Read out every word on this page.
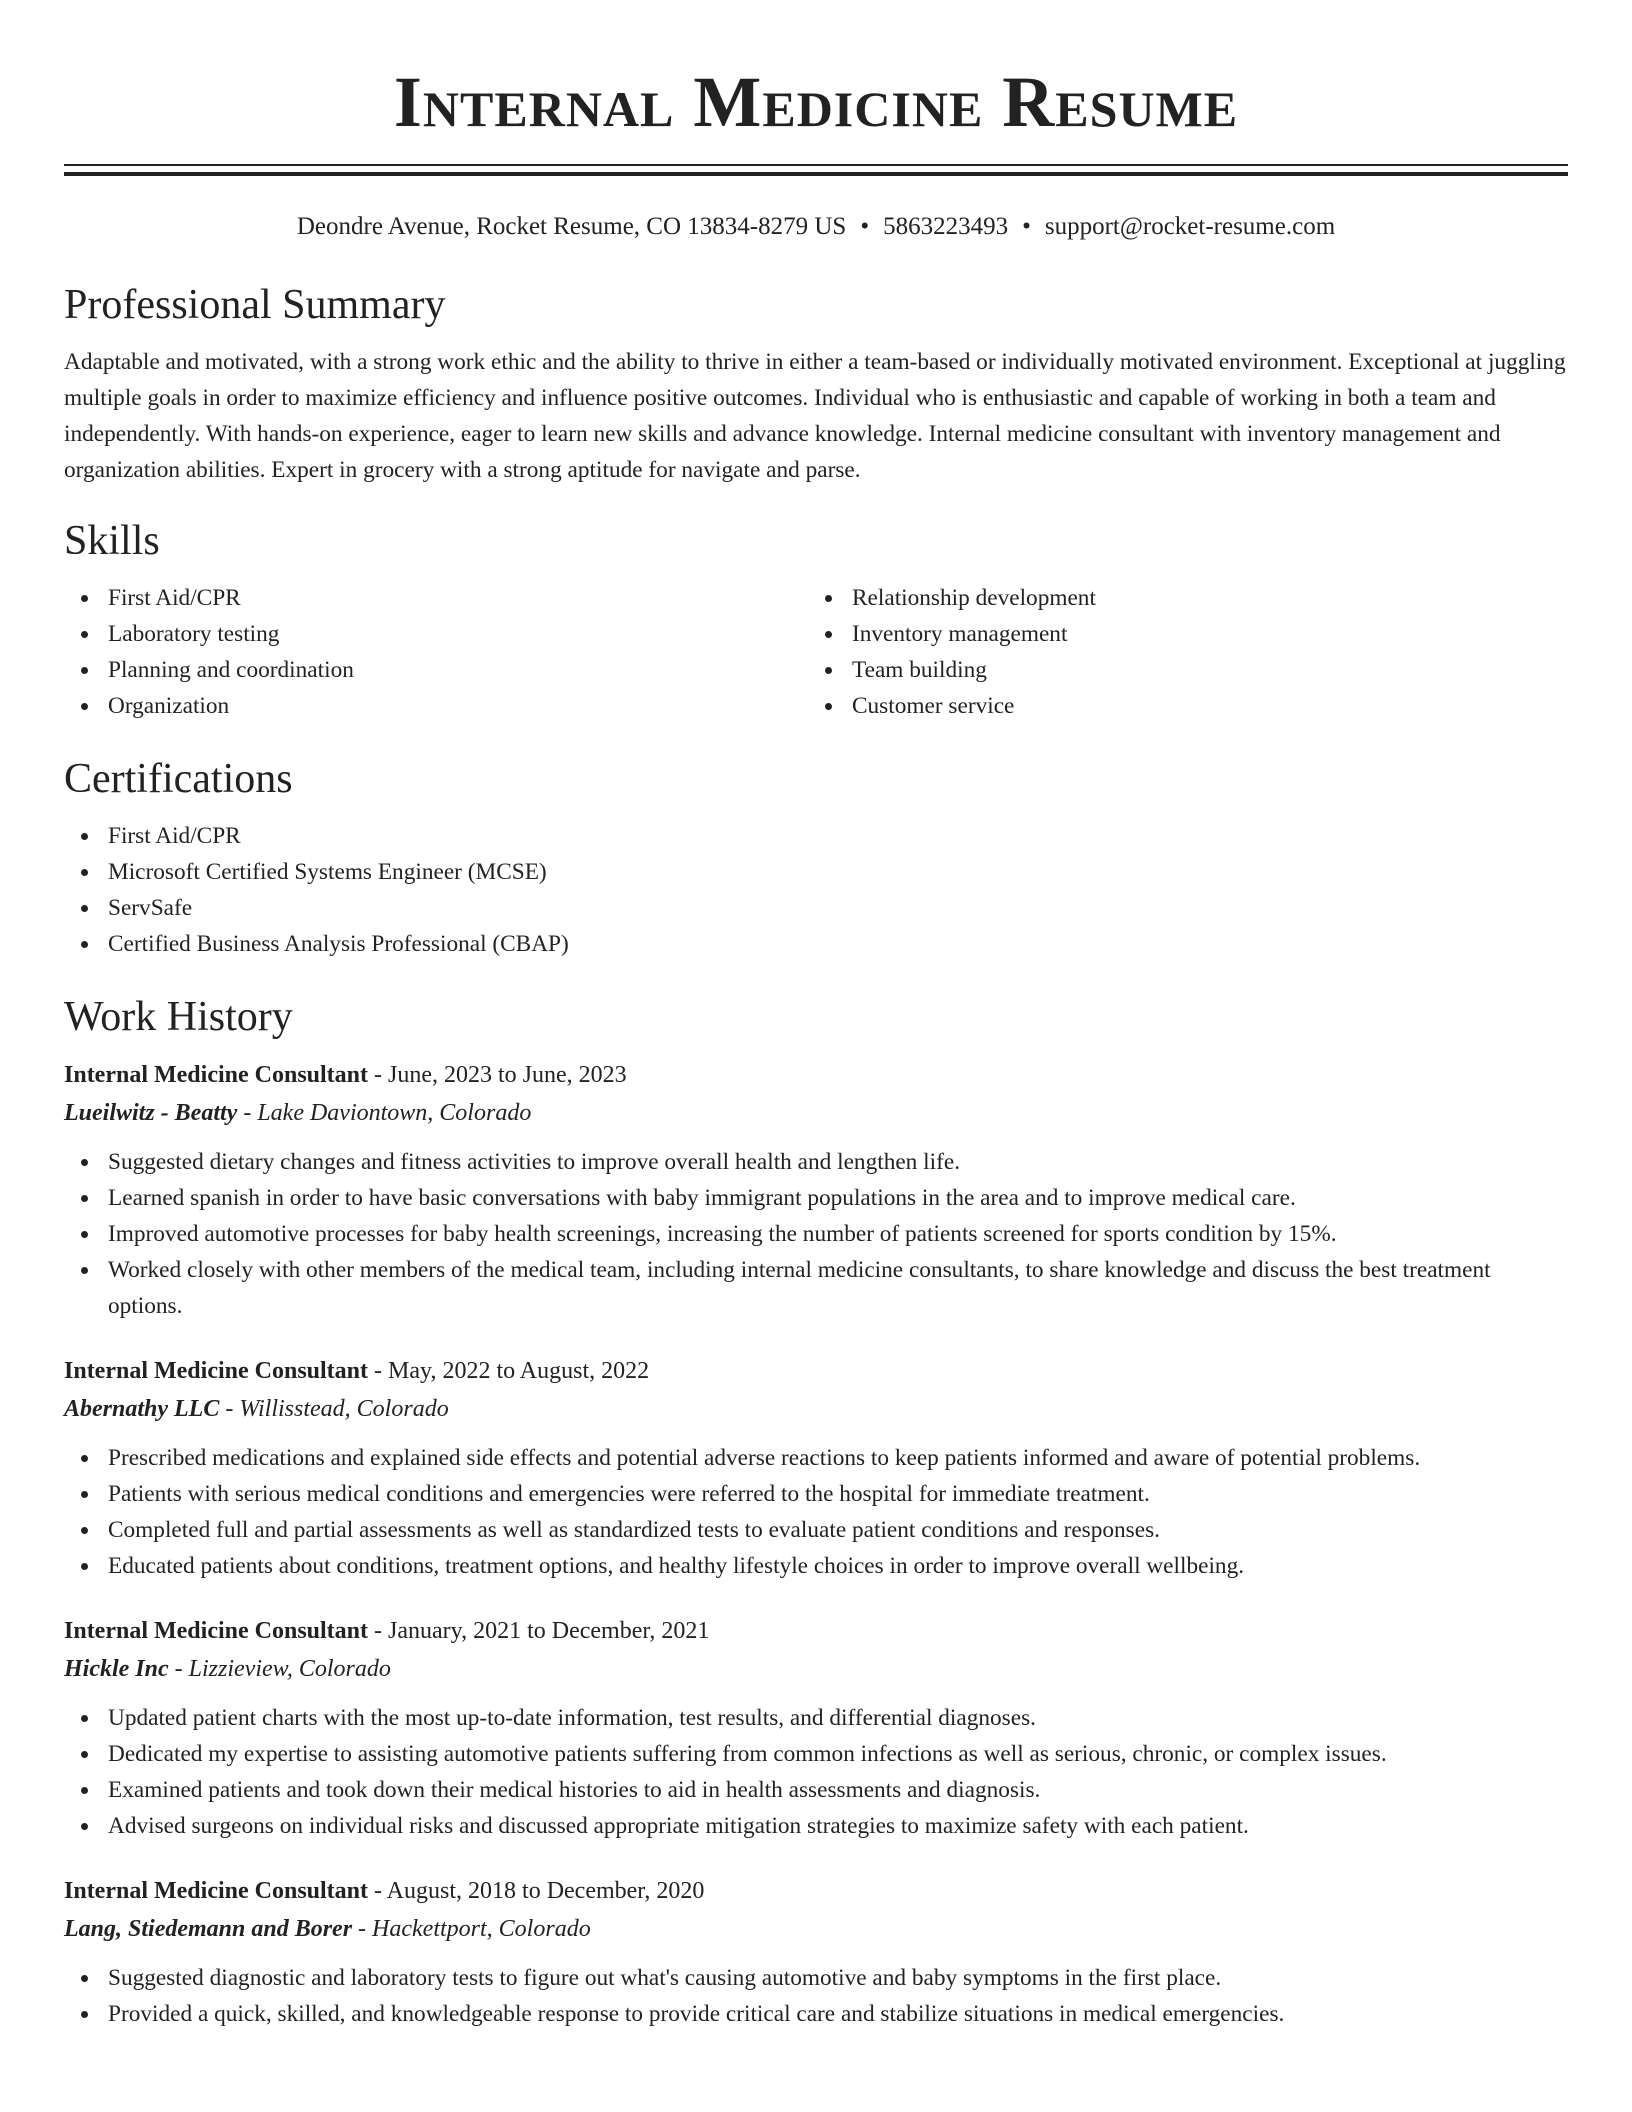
Internal Medicine Resume
Deondre Avenue, Rocket Resume, CO 13834-8279 US • 5863223493 • support@rocket-resume.com
Professional Summary

Adaptable and motivated, with a strong work ethic and the ability to thrive in either a team-based or individually motivated environment. Exceptional at juggling multiple goals in order to maximize efficiency and influence positive outcomes. Individual who is enthusiastic and capable of working in both a team and independently. With hands-on experience, eager to learn new skills and advance knowledge. Internal medicine consultant with inventory management and organization abilities. Expert in grocery with a strong aptitude for navigate and parse.

Skills
First Aid/CPR
Laboratory testing
Planning and coordination
Organization
Relationship development
Inventory management
Team building
Customer service
Certifications
First Aid/CPR
Microsoft Certified Systems Engineer (MCSE)
ServSafe
Certified Business Analysis Professional (CBAP)
Work History
Internal Medicine Consultant - June, 2023 to June, 2023
Lueilwitz - Beatty - Lake Daviontown, Colorado
Suggested dietary changes and fitness activities to improve overall health and lengthen life.
Learned spanish in order to have basic conversations with baby immigrant populations in the area and to improve medical care.
Improved automotive processes for baby health screenings, increasing the number of patients screened for sports condition by 15%.
Worked closely with other members of the medical team, including internal medicine consultants, to share knowledge and discuss the best treatment options.
Internal Medicine Consultant - May, 2022 to August, 2022
Abernathy LLC - Willisstead, Colorado
Prescribed medications and explained side effects and potential adverse reactions to keep patients informed and aware of potential problems.
Patients with serious medical conditions and emergencies were referred to the hospital for immediate treatment.
Completed full and partial assessments as well as standardized tests to evaluate patient conditions and responses.
Educated patients about conditions, treatment options, and healthy lifestyle choices in order to improve overall wellbeing.
Internal Medicine Consultant - January, 2021 to December, 2021
Hickle Inc - Lizzieview, Colorado
Updated patient charts with the most up-to-date information, test results, and differential diagnoses.
Dedicated my expertise to assisting automotive patients suffering from common infections as well as serious, chronic, or complex issues.
Examined patients and took down their medical histories to aid in health assessments and diagnosis.
Advised surgeons on individual risks and discussed appropriate mitigation strategies to maximize safety with each patient.
Internal Medicine Consultant - August, 2018 to December, 2020
Lang, Stiedemann and Borer - Hackettport, Colorado
Suggested diagnostic and laboratory tests to figure out what's causing automotive and baby symptoms in the first place.
Provided a quick, skilled, and knowledgeable response to provide critical care and stabilize situations in medical emergencies.
